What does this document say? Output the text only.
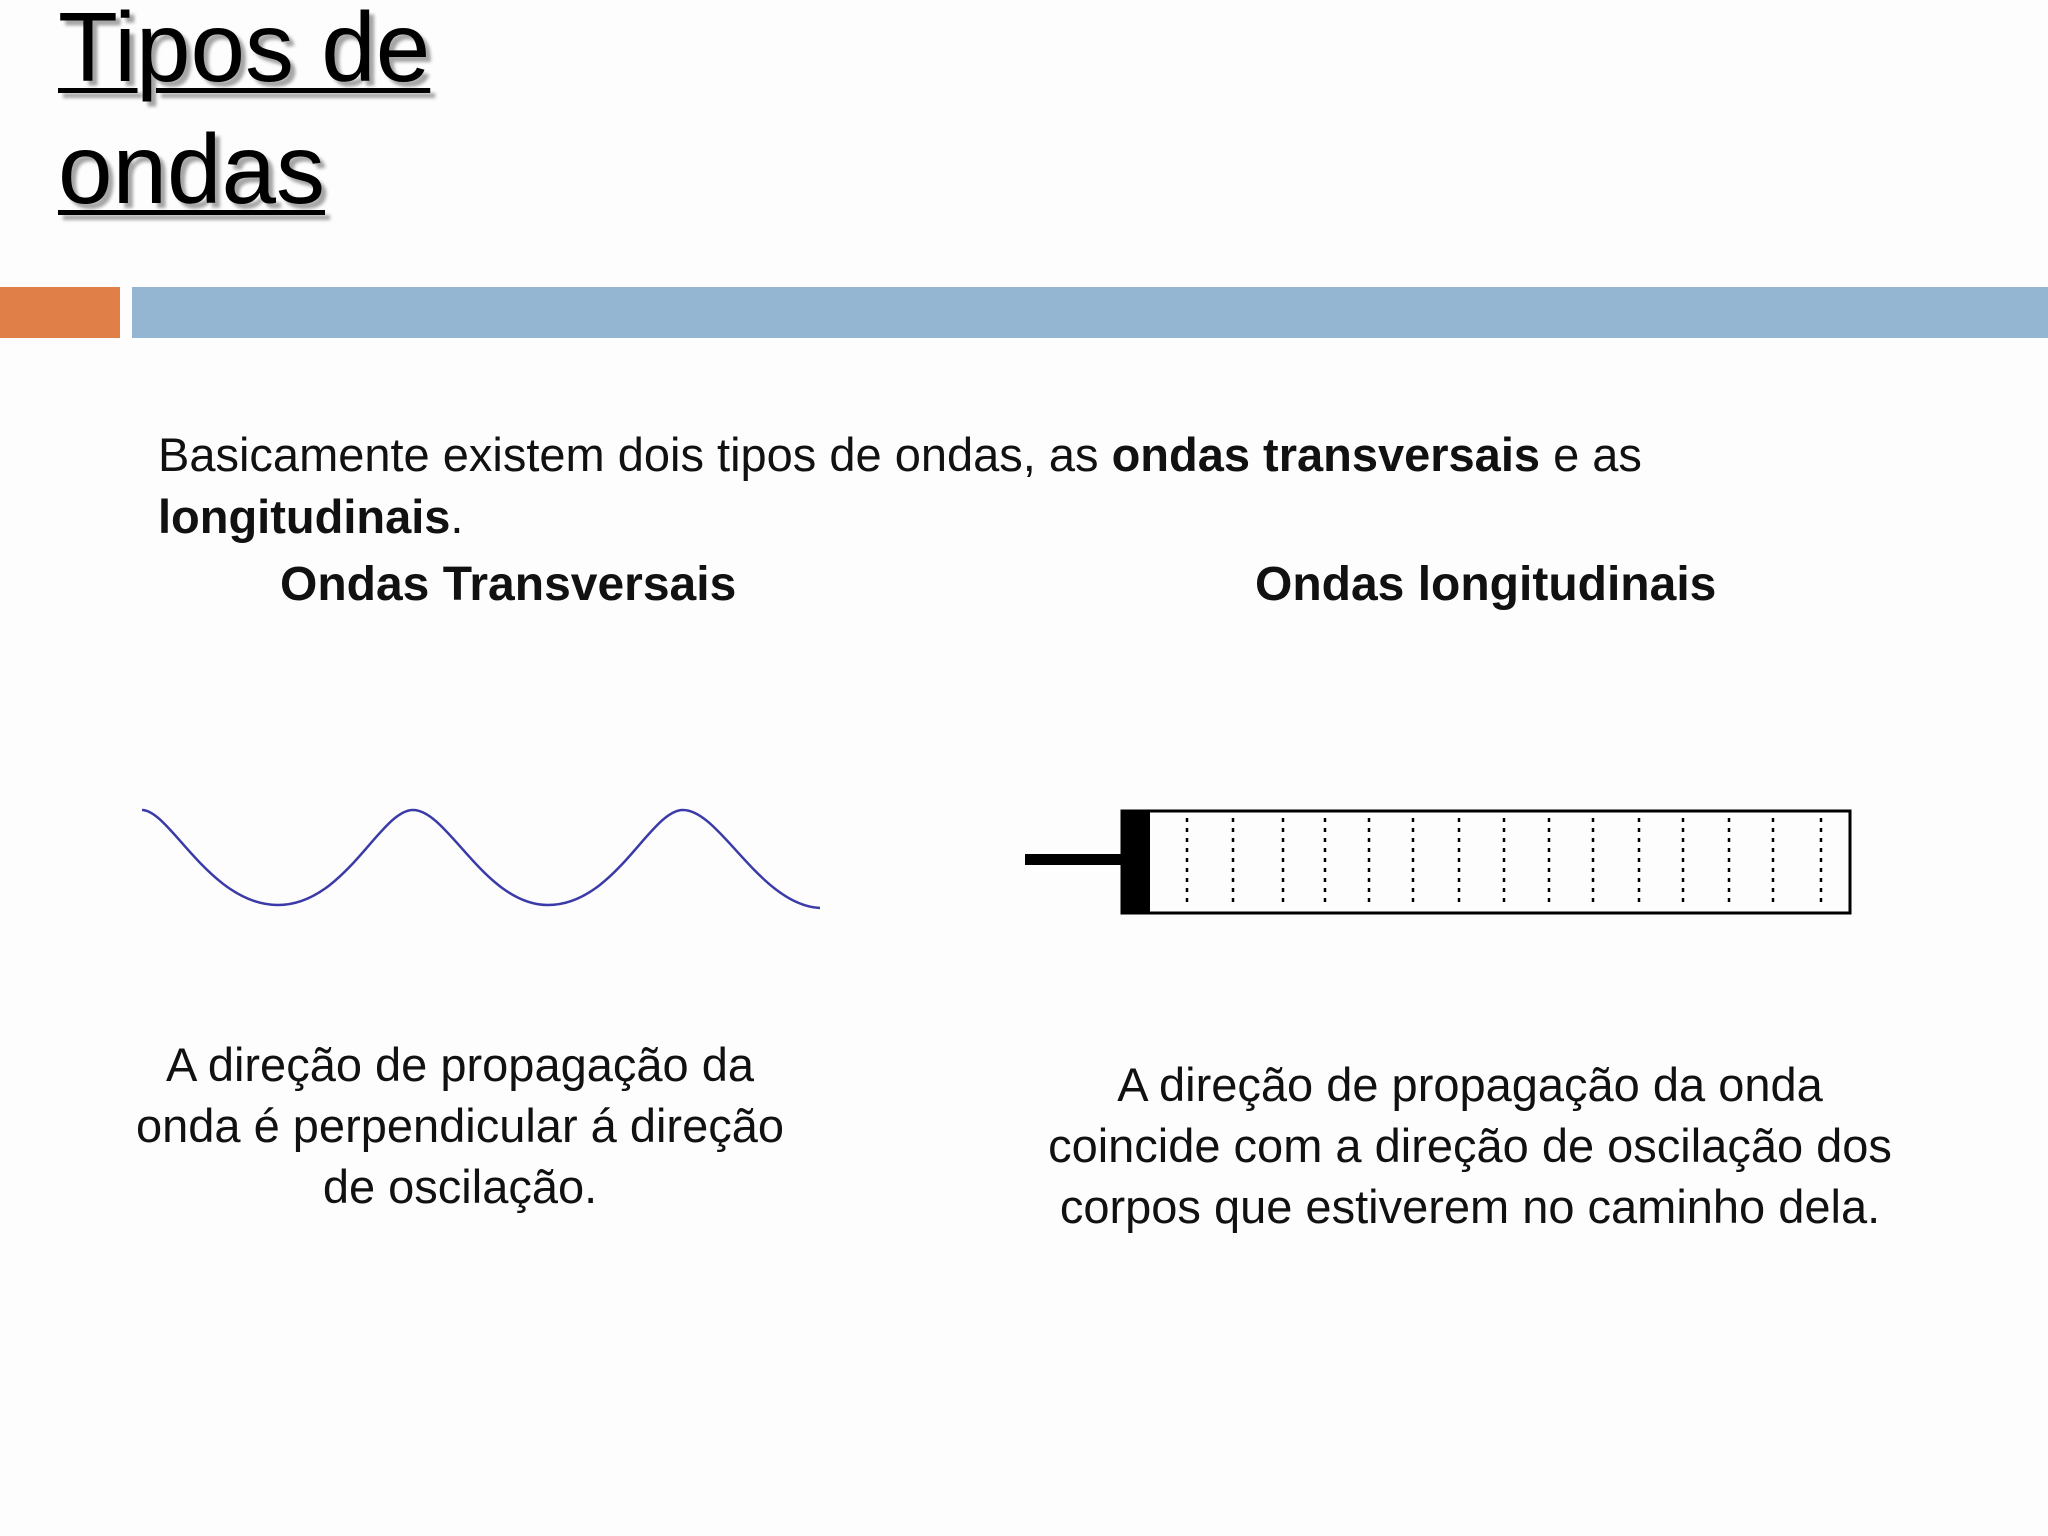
Tipos de
ondas
Basicamente existem dois tipos de ondas, as ondas transversais e as longitudinais.
Ondas Transversais	Ondas longitudinais
A direção de propagação da onda é perpendicular á direção de oscilação.
A direção de propagação da onda coincide com a direção de oscilação dos corpos que estiverem no caminho dela.
